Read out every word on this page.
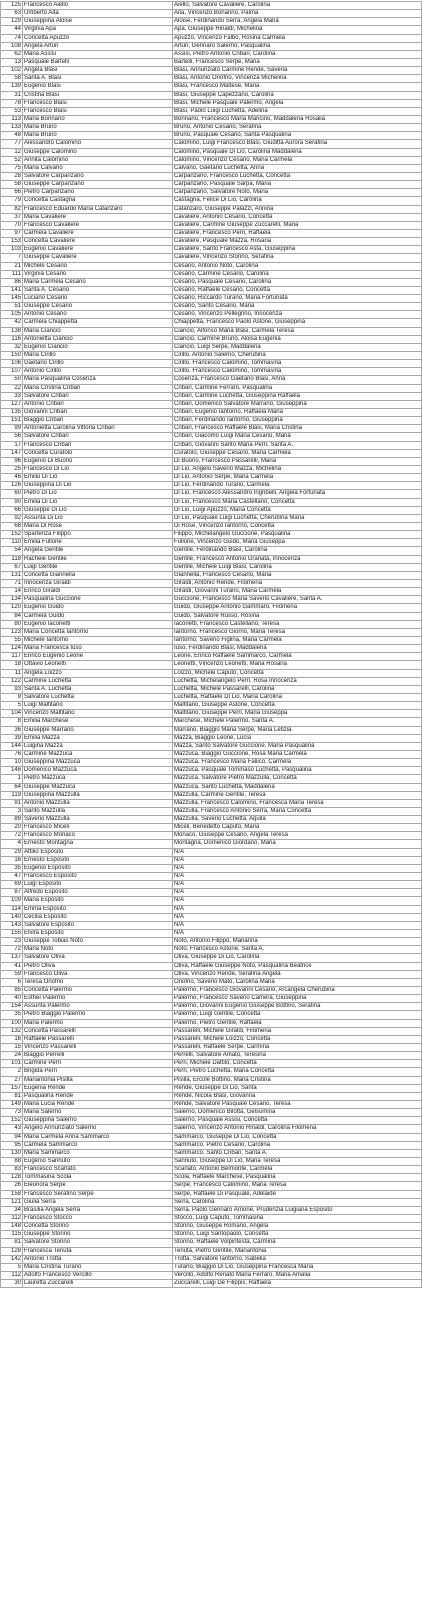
125	Francesco Aiello	Aiello, Salvatore Cavaliere, Carolina
63	Umberto Aita	Aita, Vincenzo Bonanno, Palma
129	Giuseppina Aloise	Aloise, Ferdinando Serra, Angela Maria
44	Virginia Apa	Apa, Giuseppe Rinaldi, Michelina
74	Concetta Apuzzo	Apuzzo, Vincenzo Falbo, Rosina Carmela
108	Angela Arturi	Arturi, Gennaro Salerno, Pasqualina
62	Maria Assisi	Assisi, Pietro Antonio Cribari, Carolina
13	Pasquale Bartelli	Bartelli, Francesco Serpe, Maria
102	Angela Blasi	Blasi, Annunziato Carmine Rende, Saveria
58	Santa A. Blasi	Blasi, Antonio Onofrio, Vincenza Michelina
139	Eugenio Blasi	Blasi, Francesco Maltese, Maria
31	Cristina Blasi	Blasi, Giuseppe Capezzano, Carolina
78	Francesco Blasi	Blasi, Michele Pasquale Palermo, Angela
53	Francesco Blasi	Blasi, Paolo Luigi Luchetta, Adelina
113	Maria Bonnano	Bonnano, Francesco Maria Mancino, Maddalena Rosalia
133	Maria Bruno	Bruno, Antonio Cesario, Serafina
48	Maria Bruno	Bruno, Pasquale Cesario, Santa Pasqualina
77	Alessandro Calomino	Calomino, Luigi Francesco Blasi, Giuditta Aurora Serafina
12	Giuseppe Calomino	Calomino, Pasquale Di Lio, Carolina Maddalena
52	Annita Calomino	Calomino, Vincenzo Cesario, Maria Carmela
75	Maria Calvano	Calvano, Gaetano Luchetta, Anna
28	Salvatore Carpanzano	Carpanzano, Francesco Luchetta, Concetta
58	Giuseppe Carpanzano	Carpanzano, Pasquale Sarpa, Maria
66	Pietro Carpanzano	Carpanzano, Salvatore Noto, Maria
79	Concetta Castagna	Castagna, Felice Di Lio, Carolina
82	Francesco Eduardo Maria Catanzaro	Catanzaro, Giuseppe Palazzi, Annina
37	Maria Cavaliere	Cavaliere, Antonio Cesario, Concetta
70	Francesco Cavaliere	Cavaliere, Carmine Giuseppe Zuccarelli, Maria
97	Carmela Cavaliere	Cavaliere, Francesco Perri, Raffaela
153	Concetta Cavaliere	Cavaliere, Pasquale Mazza, Rosaria
103	Eugenio Cavaliere	Cavaliere, Santo Francesco Asta, Giuseppina
7	Giuseppe Cavaliere	Cavaliere, Vincenzo Storino, Serafina
21	Michele Cesario	Cesario, Antonio Noto, Carolina
111	Virginia Cesario	Cesario, Carmine Cesario, Carolina
86	Maria Carmela Cesario	Cesario, Pasquale Cesario, Carolina
141	Santa A. Cesario	Cesario, Raffaele Cesario, Concetta
145	Luciano Cesario	Cesario, Riccardo Turano, Maria Fortunata
51	Giuseppe Cesario	Cesario, Santo Cesario, Maria
105	Antonio Cesario	Cesario, Vincenzo Pellegrino, Innocenza
42	Carmela Chiappetta	Chiappetta, Francesco Paolo Astone, Giuseppina
138	Maria Ciancio	Ciancio, Alfonso Maria Blasi, Carmela Teresa
116	Antonietta Ciancio	Ciancio, Carmine Bruno, Aloisa Eugenia
32	Eugenio Ciancio	Ciancio, Luigi Serpe, Maddalena
150	Maria Cirillo	Cirillo, Antonio Salerno, Cherubina
106	Gaetano Cirillo	Cirillo, Francesco Calomino, Tommasina
107	Antonio Cirillo	Cirillo, Francesco Calomino, Tommasina
50	Maria Pasqualina Cosenza	Cosenza, Francesco Gaetano Blasi, Anna
22	Maria Cristina Cribari	Cribari, Carmine Ferraro, Pasqualina
33	Salvatore Cribari	Cribari, Carmine Luchetta, Giuseppina Raffaela
127	Antonio Cribari	Cribari, Domenico Salvatore Marrano, Giuseppina
135	Giovanni Cribari	Cribari, Eugenio Iantorno, Raffaela Maria
151	Biaggio Cribari	Cribari, Ferdinando Iantorno, Giuseppina
99	Antonietta Carolina Vittoria Cribari	Cribari, Francesco Raffaele Blasi, Maria Cristina
56	Salvatore Cribari	Cribari, Giacomo Luigi Maria Cesario, Maria
17	Francesco Cribari	Cribari, Giovanni Santo Maria Perri, Santa A.
147	Concetta Curatolo	Curatolo, Giuseppe Cesario, Maria Carmela
96	Eugenio Di Buono	Di Buono, Francesco Passarelli, Maria
25	Francesco Di Lio	Di Lio, Angelo Saverio Mazza, Michelina
46	Emilio Di Lio	Di Lio, Antonio Serpe, Maria Carmela
126	Giuseppina Di Lio	Di Lio, Ferdinando Turano, Carmela
60	Pietro Di Lio	Di Lio, Francesco Alessandro Ingribelli, Angela Fortunata
90	Emilia Di Lio	Di Lio, Francesco Maria Castellano, Concetta
66	Giuseppe Di Lio	Di Lio, Luigi Apuzzo, Maria Concetta
92	Assunta Di Lio	Di Lio, Pasquale Luigi Luchetta, Cherubina Maria
68	Maria Di Rose	Di Rose, Vincenzo Iantorno, Concetta
152	Spartenza Filippo	Filippo, Michelangelo Guccione, Pasqualina
110	Emilia Fullone	Fullone, Vincenzo Guido, Maria Giuseppa
54	Angela Gentile	Gentile, Ferdinando Blasi, Carolina
118	Rachele Gentile	Gentile, Francesco Antonio Granata, Innocenza
67	Luigi Gentile	Gentile, Michele Luigi Blasi, Carolina
131	Concetta Giannella	Giannella, Francesco Cesario, Maria
71	Innocenza Giraldi	Giraldi, Antonio Rende, Filomena
14	Enrico Giraldi	Giraldi, Giovanni Turano, Maria Carmela
134	Pasqualina Guccione	Guccione, Francesco Maria Saverio Cavaliere, Santa A.
120	Eugenio Guido	Guido, Giuseppe Antonio Gammaro, Filomena
84	Carmela Guido	Guido, Salvatore Russo, Rosina
80	Eugenio Iaconetti	Iaconetti, Francesco Castellano, Teresa
123	Maria Concetta Iantorno	Iantorno, Francesco Giorno, Maria Teresa
55	Michele Iantorno	Iantorno, Saverio Figlina, Maria Carmela
124	Maria Francesca Iuso	Iuso, Ferdinando Blasi, Maddalena
117	Enrico Eugenio Leone	Leone, Enrico Raffaele Sammarco, Carmela
18	Ottavio Leonetti	Leonetti, Vincenzo Leonetti, Maria Rosaria
11	Angela Loizzo	Loizzo, Michele Caputo, Concetta
122	Carmine Luchetta	Luchetta, Michelangelo Perri, Rosa Innocenza
93	Santa A. Luchetta	Luchetta, Michele Passarelli, Carolina
9	Salvatore Luchetta	Luchetta, Raffaele Di Lio, Maria Carolina
5	Luigi Malfitano	Malfitano, Giuseppe Astone, Concetta
104	Vincenzo Malfitano	Malfitano, Giuseppe Perri, Maria Giuseppa
8	Emilia Marchese	Marchese, Michele Palermo, Santa A.
36	Giuseppe Marrano	Marrano, Biaggio Maria Serpe, Maria Letizia
39	Emilia Mazza	Mazza, Biaggio Leone, Lucia
144	Luigina Mazza	Mazza, Santo Salvatore Guccione, Maria Pasqualina
76	Carmine Mazzuca	Mazzuca, Biaggio Guccione, Rosa Maria Carmela
10	Giuseppina Mazzuca	Mazzuca, Francesco Maria Fallico, Carmela
146	Domenico Mazzuca	Mazzuca, Pasquale Tommaso Luchetta, Pasqualina
1	Pietro Mazzuca	Mazzuca, Salvatore Pietro Mazzulla, Concetta
64	Giuseppe Mazzuca	Mazzuca, Santo Luchetta, Maddalena
119	Giuseppina Mazzulla	Mazzulla, Carmine Gentile, Teresa
91	Antonio Mazzulla	Mazzulla, Francesco Calomino, Francesca Maria Teresa
3	Santo Mazzulla	Mazzulla, Francesco Antonio Serra, Maria Concetta
89	Saverio Mazzulla	Mazzulla, Saverio Luchetta, Aquila
20	Francesco Miceli	Miceli, Benedetto Caputo, Maria
72	Francesco Monaco	Monaco, Giuseppe Cesario, Angela Teresa
4	Ernesto Montagna	Montagna, Domenico Giordano, Maria
29	Attilio Esposito	N/A
16	Ernesto Esposito	N/A
35	Eugenio Esposito	N/A
47	Francesco Esposito	N/A
69	Luigi Esposito	N/A
87	Alfredo Esposito	N/A
109	Maria Esposito	N/A
114	Emma Esposito	N/A
140	Cecilia Esposito	N/A
143	Salvatore Esposito	N/A
155	Elvira Esposito	N/A
23	Giuseppe Tobias Noto	Noto, Antonio Filippo, Marianna
72	Maria Noto	Noto, Francesco Astone, Santa A.
137	Salvatore Oliva	Oliva, Giuseppe Di Lio, Carolina
41	Pietro Oliva	Oliva, Raffaele Giuseppe Noto, Pasqualina Beatrice
59	Francesco Oliva	Oliva, Vincenzo Rende, Serafina Angela
6	Teresa Onofrio	Onofrio, Saverio Mato, Carolina Maria
85	Concetta Palermo	Palermo, Francesco Giovanni Cesario, Arcangela Cherubina
40	Esther Palermo	Palermo, Francesco Saverio Camera, Giuseppina
154	Assunta Palermo	Palermo, Giovanni Eugenio Giuseppe Bottino, Serafina
35	Pietro Biaggio Palermo	Palermo, Luigi Gentile, Concetta
100	Maria Palermo	Palermo, Pietro Gentile, Raffaela
132	Concetta Passarelli	Passarelli, Michele Giraldi, Filomena
16	Raffaele Passarelli	Passarelli, Michele Loizzo, Concetta
15	Vincenzo Passarelli	Passarelli, Raffaele Serpe, Carmina
24	Biaggio Perrelli	Perrelli, Salvatore Amato, Teresina
101	Carmine Perri	Perri, Michele Dattilo, Concetta
2	Brigida Perri	Perri, Pietro Luchetta, Maria Concetta
27	Mariantonia Pisilla	Pisilla, Ercole Bottino, Maria Cristina
157	Eugenia Rende	Rende, Giuseppe Di Lio, Santa
81	Pasqualina Rende	Rende, Nicola Blasi, Giovanna
149	Maria Lucia Rende	Rende, Salvatore Pasquale Cesario, Teresa
73	Maria Salerno	Salerno, Domenico Bilotta, Gelsomina
152	Giuseppina Salerno	Salerno, Pasquale Assisi, Concetta
43	Angelo Annunziato Salerno	Salerno, Vincenzo Antonio Rinaldi, Carolina Filomena
94	Maria Carmela Anna Sammarco	Sammarco, Giuseppe Di Lio, Concetta
95	Carmela Sammarco	Sammarco, Pietro Cesario, Carolina
130	Maria Sammarco	Sammarco, Santo Cribari, Santa A.
88	Eugenio Sannuto	Sannuto, Giuseppe Di Lio, Maria Teresa
83	Francesco Scarlato	Scarlato, Antonio Belmonte, Carmela
128	Tommasina Scola	Scola, Raffaele Marchese, Pasqualina
26	Eleonora Serpe	Serpe, Francesco Calomino, Maria Teresa
158	Francesco Serafino Serpe	Serpe, Raffaele Di Pasquale, Adelaide
121	Giulia Serra	Serra, Carolina
34	Brasilia Angela Serra	Serra, Paolo Gennaro Arnone, Prudenzia Luigiana Esposito
112	Francesco Stocco	Stocco, Luigi Caputo, Tommasina
148	Concetta Storino	Storino, Giuseppe Romano, Angela
115	Giuseppe Storino	Storino, Luigi Santopaolo, Concetta
81	Salvatore Storino	Storino, Raffaele Volpintesta, Carmina
128	Francesca Tenuta	Tenuta, Pietro Gentile, Mariantonia
142	Antonio Trotta	Trotta, Salvatore Iantorno, Isabella
5	Maria Cristina Turano	Turano, Biaggio Di Lio, Giuseppina Francesca Maria
112	Adolfo Francesco Vercillo	Vercillo, Adolfo Renato Maria Ferraro, Maria Amalia
30	Lauretta Zuccarelli	Zuccarelli, Luigi De Filippis, Raffaela
